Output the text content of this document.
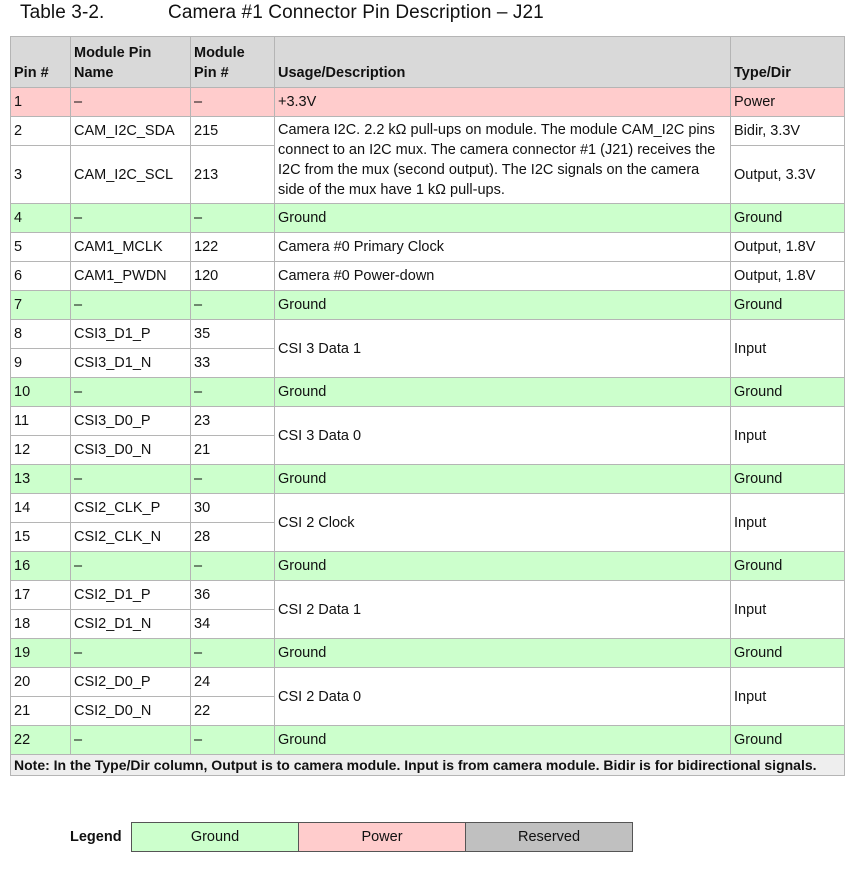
Table 3-2.	Camera #1 Connector Pin Description – J21
Pin #	Module Pin Name	Module Pin #	Usage/Description	Type/Dir
1	–	–	+3.3V	Power
2	CAM_I2C_SDA	215	Camera I2C. 2.2 kΩ pull-ups on module. The module CAM_I2C pins connect to an I2C mux. The camera connector #1 (J21) receives the I2C from the mux (second output). The I2C signals on the camera side of the mux have 1 kΩ pull-ups.	Bidir, 3.3V
3	CAM_I2C_SCL	213		Output, 3.3V
4	–	–	Ground	Ground
5	CAM1_MCLK	122	Camera #0 Primary Clock	Output, 1.8V
6	CAM1_PWDN	120	Camera #0 Power-down	Output, 1.8V
7	–	–	Ground	Ground
8	CSI3_D1_P	35	CSI 3 Data 1	Input
9	CSI3_D1_N	33		
10	–	–	Ground	Ground
11	CSI3_D0_P	23	CSI 3 Data 0	Input
12	CSI3_D0_N	21		
13	–	–	Ground	Ground
14	CSI2_CLK_P	30	CSI 2 Clock	Input
15	CSI2_CLK_N	28		
16	–	–	Ground	Ground
17	CSI2_D1_P	36	CSI 2 Data 1	Input
18	CSI2_D1_N	34		
19	–	–	Ground	Ground
20	CSI2_D0_P	24	CSI 2 Data 0	Input
21	CSI2_D0_N	22		
22	–	–	Ground	Ground
Note: In the Type/Dir column, Output is to camera module. Input is from camera module. Bidir is for bidirectional signals.				
Legend	Ground	Power	Reserved
